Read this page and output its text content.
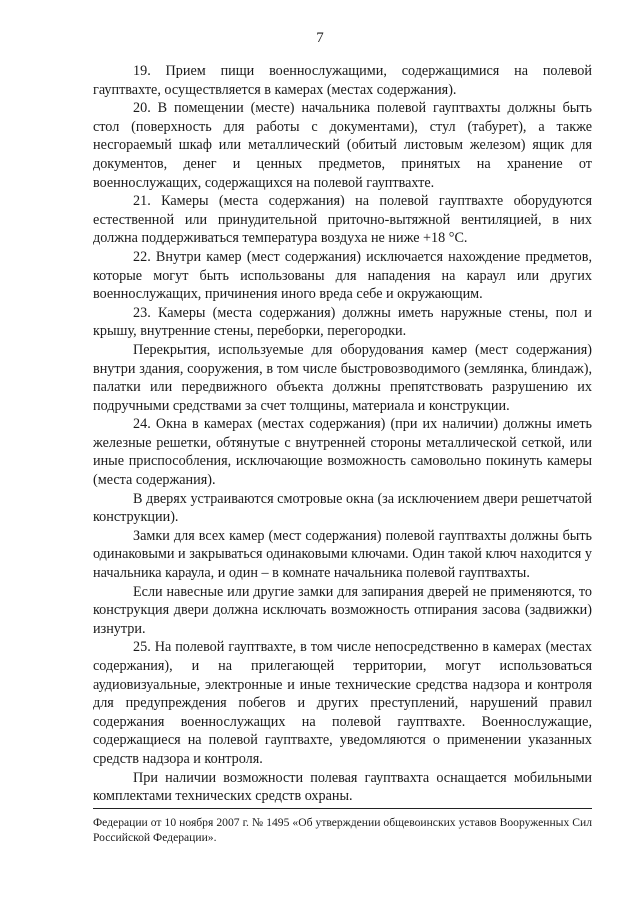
7

19. Прием пищи военнослужащими, содержащимися на полевой гауптвахте, осуществляется в камерах (местах содержания).

20. В помещении (месте) начальника полевой гауптвахты должны быть стол (поверхность для работы с документами), стул (табурет), а также несгораемый шкаф или металлический (обитый листовым железом) ящик для документов, денег и ценных предметов, принятых на хранение от военнослужащих, содержащихся на полевой гауптвахте.

21. Камеры (места содержания) на полевой гауптвахте оборудуются естественной или принудительной приточно-вытяжной вентиляцией, в них должна поддерживаться температура воздуха не ниже +18 °С.

22. Внутри камер (мест содержания) исключается нахождение предметов, которые могут быть использованы для нападения на караул или других военнослужащих, причинения иного вреда себе и окружающим.

23. Камеры (места содержания) должны иметь наружные стены, пол и крышу, внутренние стены, переборки, перегородки.

Перекрытия, используемые для оборудования камер (мест содержания) внутри здания, сооружения, в том числе быстровозводимого (землянка, блиндаж), палатки или передвижного объекта должны препятствовать разрушению их подручными средствами за счет толщины, материала и конструкции.

24. Окна в камерах (местах содержания) (при их наличии) должны иметь железные решетки, обтянутые с внутренней стороны металлической сеткой, или иные приспособления, исключающие возможность самовольно покинуть камеры (места содержания).

В дверях устраиваются смотровые окна (за исключением двери решетчатой конструкции).

Замки для всех камер (мест содержания) полевой гауптвахты должны быть одинаковыми и закрываться одинаковыми ключами. Один такой ключ находится у начальника караула, и один – в комнате начальника полевой гауптвахты.

Если навесные или другие замки для запирания дверей не применяются, то конструкция двери должна исключать возможность отпирания засова (задвижки) изнутри.

25. На полевой гауптвахте, в том числе непосредственно в камерах (местах содержания), и на прилегающей территории, могут использоваться аудиовизуальные, электронные и иные технические средства надзора и контроля для предупреждения побегов и других преступлений, нарушений правил содержания военнослужащих на полевой гауптвахте. Военнослужащие, содержащиеся на полевой гауптвахте, уведомляются о применении указанных средств надзора и контроля.

При наличии возможности полевая гауптвахта оснащается мобильными комплектами технических средств охраны.

Федерации от 10 ноября 2007 г. № 1495 «Об утверждении общевоинских уставов Вооруженных Сил Российской Федерации».
